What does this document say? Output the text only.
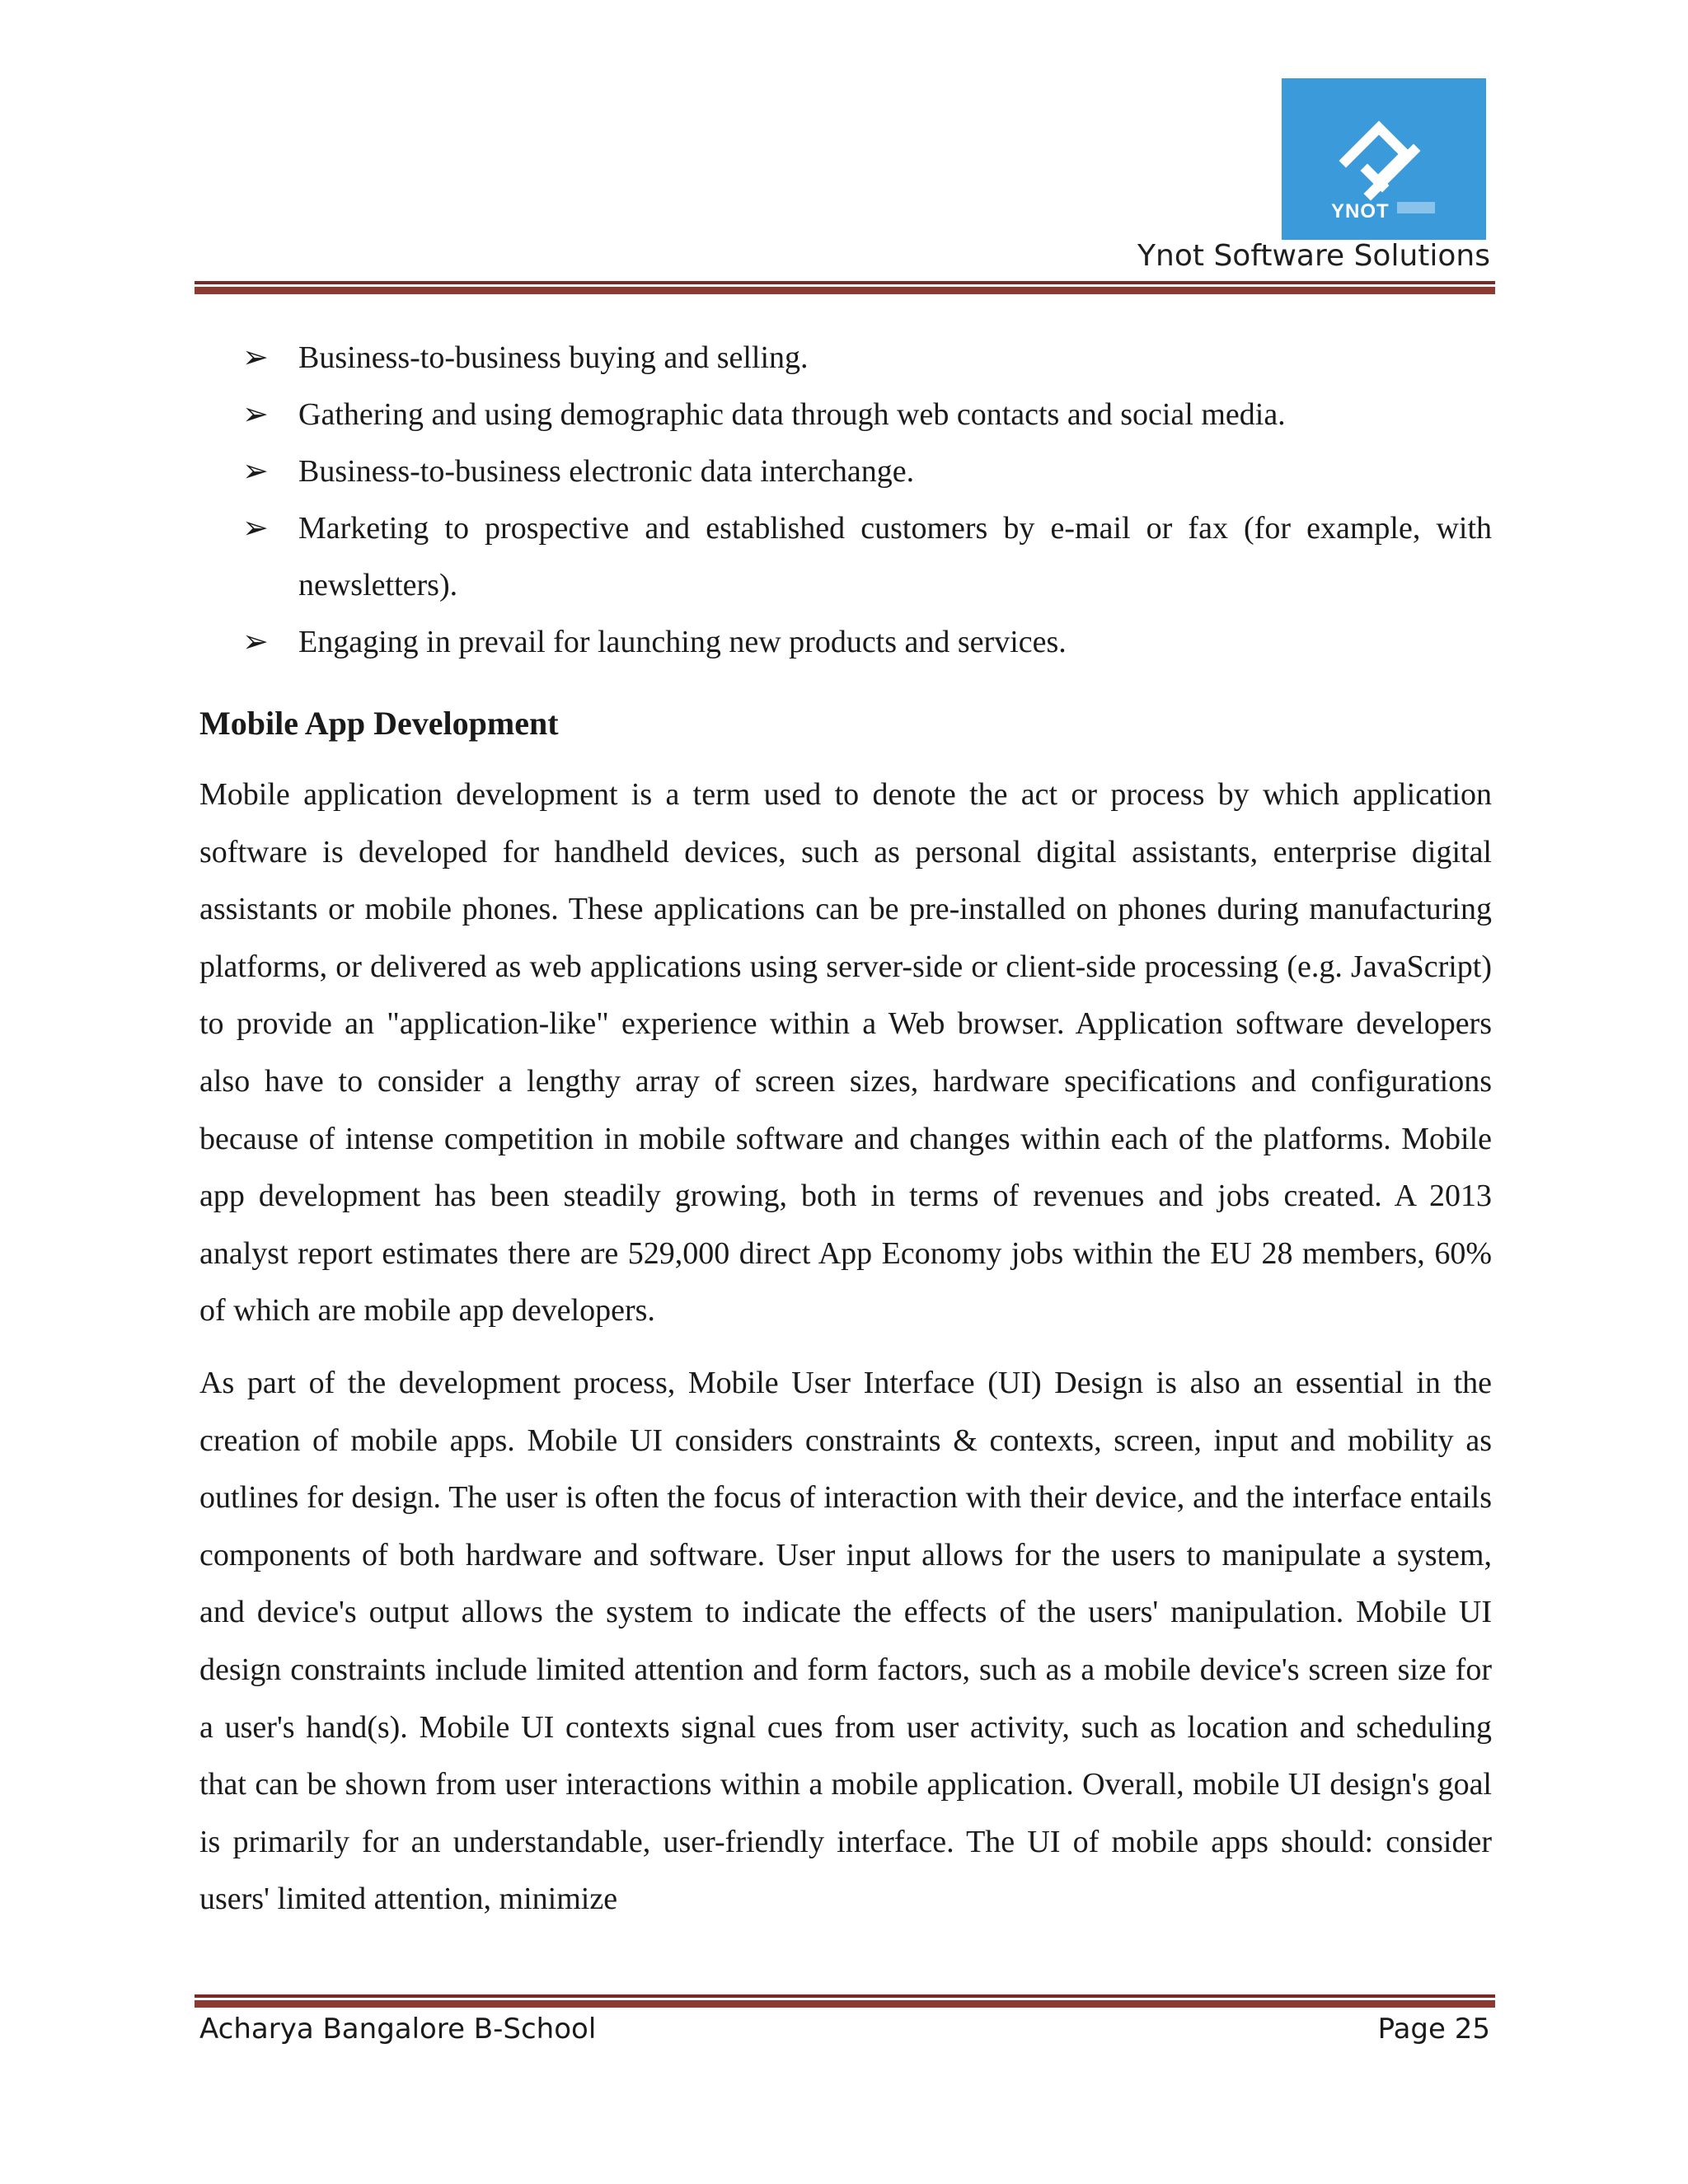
YNOT
Ynot Software Solutions
➢ Business-to-business buying and selling.
➢ Gathering and using demographic data through web contacts and social media.
➢ Business-to-business electronic data interchange.
➢ Marketing to prospective and established customers by e-mail or fax (for example, with newsletters).
➢ Engaging in prevail for launching new products and services.
Mobile App Development

Mobile application development is a term used to denote the act or process by which application software is developed for handheld devices, such as personal digital assistants, enterprise digital assistants or mobile phones. These applications can be pre-installed on phones during manufacturing platforms, or delivered as web applications using server-side or client-side processing (e.g. JavaScript) to provide an "application-like" experience within a Web browser. Application software developers also have to consider a lengthy array of screen sizes, hardware specifications and configurations because of intense competition in mobile software and changes within each of the platforms. Mobile app development has been steadily growing, both in terms of revenues and jobs created. A 2013 analyst report estimates there are 529,000 direct App Economy jobs within the EU 28 members, 60% of which are mobile app developers.

As part of the development process, Mobile User Interface (UI) Design is also an essential in the creation of mobile apps. Mobile UI considers constraints & contexts, screen, input and mobility as outlines for design. The user is often the focus of interaction with their device, and the interface entails components of both hardware and software. User input allows for the users to manipulate a system, and device's output allows the system to indicate the effects of the users' manipulation. Mobile UI design constraints include limited attention and form factors, such as a mobile device's screen size for a user's hand(s). Mobile UI contexts signal cues from user activity, such as location and scheduling that can be shown from user interactions within a mobile application. Overall, mobile UI design's goal is primarily for an understandable, user-friendly interface. The UI of mobile apps should: consider users' limited attention, minimize

Acharya Bangalore B-School	Page 25
